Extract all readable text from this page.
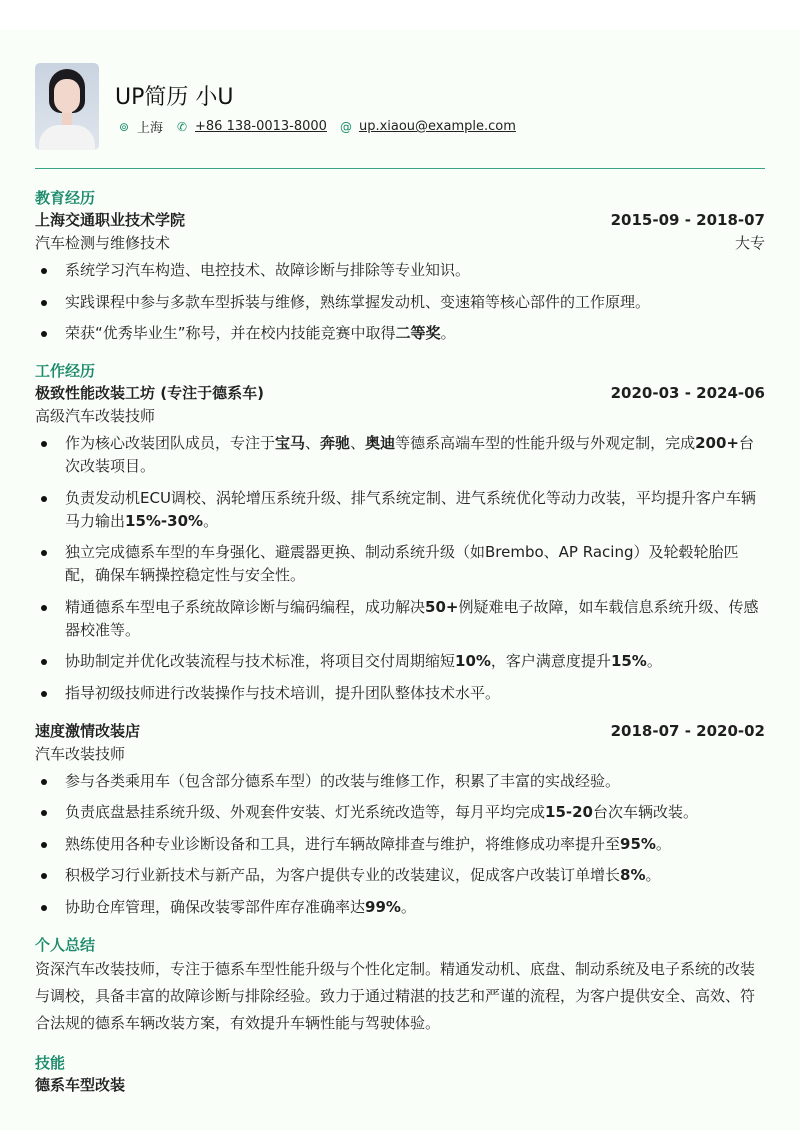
UP简历 小U
⊚ 上海 ✆ +86 138-0013-8000 @ up.xiaou@example.com
教育经历
上海交通职业技术学院	2015-09 - 2018-07
汽车检测与维修技术	大专
系统学习汽车构造、电控技术、故障诊断与排除等专业知识。
实践课程中参与多款车型拆装与维修，熟练掌握发动机、变速箱等核心部件的工作原理。
荣获“优秀毕业生”称号，并在校内技能竞赛中取得二等奖。
工作经历
极致性能改装工坊 (专注于德系车)	2020-03 - 2024-06
高级汽车改装技师
作为核心改装团队成员，专注于宝马、奔驰、奥迪等德系高端车型的性能升级与外观定制，完成200+台次改装项目。
负责发动机ECU调校、涡轮增压系统升级、排气系统定制、进气系统优化等动力改装，平均提升客户车辆马力输出15%-30%。
独立完成德系车型的车身强化、避震器更换、制动系统升级（如Brembo、AP Racing）及轮毂轮胎匹配，确保车辆操控稳定性与安全性。
精通德系车型电子系统故障诊断与编码编程，成功解决50+例疑难电子故障，如车载信息系统升级、传感器校准等。
协助制定并优化改装流程与技术标准，将项目交付周期缩短10%，客户满意度提升15%。
指导初级技师进行改装操作与技术培训，提升团队整体技术水平。
速度激情改装店	2018-07 - 2020-02
汽车改装技师
参与各类乘用车（包含部分德系车型）的改装与维修工作，积累了丰富的实战经验。
负责底盘悬挂系统升级、外观套件安装、灯光系统改造等，每月平均完成15-20台次车辆改装。
熟练使用各种专业诊断设备和工具，进行车辆故障排查与维护，将维修成功率提升至95%。
积极学习行业新技术与新产品，为客户提供专业的改装建议，促成客户改装订单增长8%。
协助仓库管理，确保改装零部件库存准确率达99%。
个人总结
资深汽车改装技师，专注于德系车型性能升级与个性化定制。精通发动机、底盘、制动系统及电子系统的改装与调校，具备丰富的故障诊断与排除经验。致力于通过精湛的技艺和严谨的流程，为客户提供安全、高效、符合法规的德系车辆改装方案，有效提升车辆性能与驾驶体验。
技能
德系车型改装
